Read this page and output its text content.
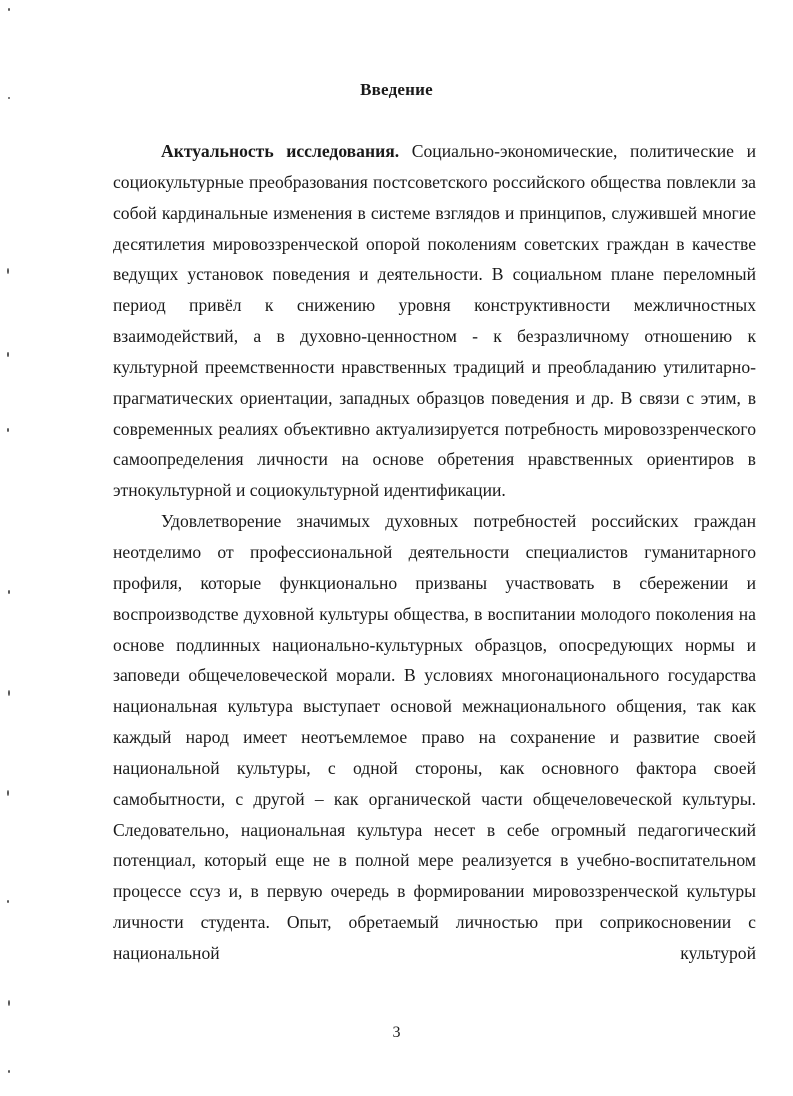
Введение

Актуальность исследования. Социально-экономические, политические и социокультурные преобразования постсоветского российского общества повлекли за собой кардинальные изменения в системе взглядов и принципов, служившей многие десятилетия мировоззренческой опорой поколениям советских граждан в качестве ведущих установок поведения и деятельности. В социальном плане переломный период привёл к снижению уровня конструктивности межличностных взаимодействий, а в духовно-ценностном - к безразличному отношению к культурной преемственности нравственных традиций и преобладанию утилитарно-прагматических ориентации, западных образцов поведения и др. В связи с этим, в современных реалиях объективно актуализируется потребность мировоззренческого самоопределения личности на основе обретения нравственных ориентиров в этнокультурной и социокультурной идентификации.

Удовлетворение значимых духовных потребностей российских граждан неотделимо от профессиональной деятельности специалистов гуманитарного профиля, которые функционально призваны участвовать в сбережении и воспроизводстве духовной культуры общества, в воспитании молодого поколения на основе подлинных национально-культурных образцов, опосредующих нормы и заповеди общечеловеческой морали. В условиях многонационального государства национальная культура выступает основой межнационального общения, так как каждый народ имеет неотъемлемое право на сохранение и развитие своей национальной культуры, с одной стороны, как основного фактора своей самобытности, с другой – как органической части общечеловеческой культуры. Следовательно, национальная культура несет в себе огромный педагогический потенциал, который еще не в полной мере реализуется в учебно-воспитательном процессе ссуз и, в первую очередь в формировании мировоззренческой культуры личности студента. Опыт, обретаемый личностью при соприкосновении с национальной культурой

3
